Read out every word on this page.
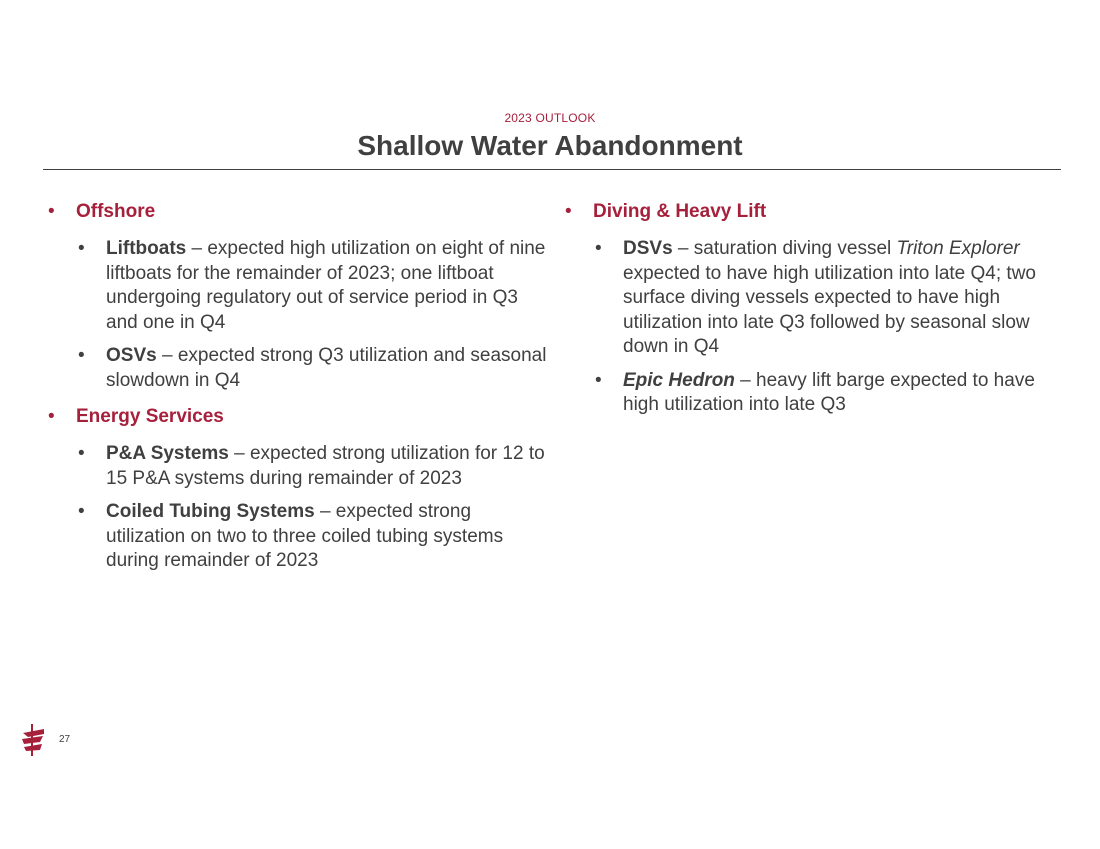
2023 OUTLOOK
Shallow Water Abandonment
•	Offshore
•	Liftboats – expected high utilization on eight of nine liftboats for the remainder of 2023; one liftboat undergoing regulatory out of service period in Q3 and one in Q4
•	OSVs – expected strong Q3 utilization and seasonal slowdown in Q4
•	Energy Services
•	P&A Systems – expected strong utilization for 12 to 15 P&A systems during remainder of 2023
•	Coiled Tubing Systems – expected strong utilization on two to three coiled tubing systems during remainder of 2023
•	Diving & Heavy Lift
•	DSVs – saturation diving vessel Triton Explorer expected to have high utilization into late Q4; two surface diving vessels expected to have high utilization into late Q3 followed by seasonal slow down in Q4
•	Epic Hedron – heavy lift barge expected to have high utilization into late Q3
27
